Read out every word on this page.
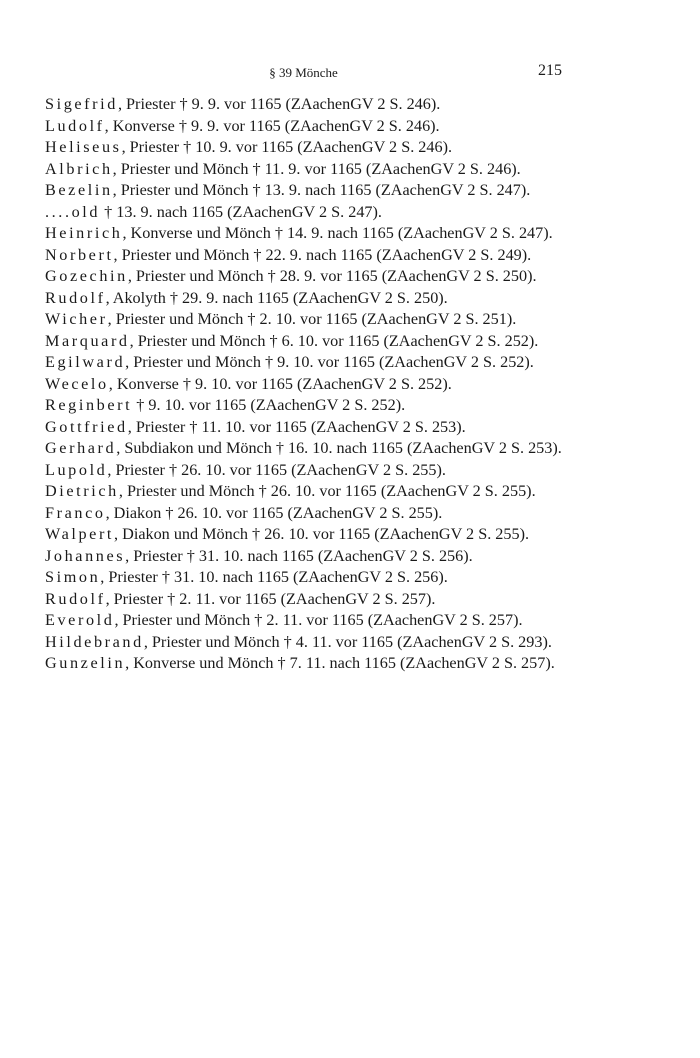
§ 39 Mönche	215
Sigefrid, Priester † 9. 9. vor 1165 (ZAachenGV 2 S. 246).
Ludolf, Konverse † 9. 9. vor 1165 (ZAachenGV 2 S. 246).
Heliseus, Priester † 10. 9. vor 1165 (ZAachenGV 2 S. 246).
Albrich, Priester und Mönch † 11. 9. vor 1165 (ZAachenGV 2 S. 246).
Bezelin, Priester und Mönch † 13. 9. nach 1165 (ZAachenGV 2 S. 247).
....old † 13. 9. nach 1165 (ZAachenGV 2 S. 247).
Heinrich, Konverse und Mönch † 14. 9. nach 1165 (ZAachenGV 2 S. 247).
Norbert, Priester und Mönch † 22. 9. nach 1165 (ZAachenGV 2 S. 249).
Gozechin, Priester und Mönch † 28. 9. vor 1165 (ZAachenGV 2 S. 250).
Rudolf, Akolyth † 29. 9. nach 1165 (ZAachenGV 2 S. 250).
Wicher, Priester und Mönch † 2. 10. vor 1165 (ZAachenGV 2 S. 251).
Marquard, Priester und Mönch † 6. 10. vor 1165 (ZAachenGV 2 S. 252).
Egilward, Priester und Mönch † 9. 10. vor 1165 (ZAachenGV 2 S. 252).
Wecelo, Konverse † 9. 10. vor 1165 (ZAachenGV 2 S. 252).
Reginbert † 9. 10. vor 1165 (ZAachenGV 2 S. 252).
Gottfried, Priester † 11. 10. vor 1165 (ZAachenGV 2 S. 253).
Gerhard, Subdiakon und Mönch † 16. 10. nach 1165 (ZAachenGV 2 S. 253).
Lupold, Priester † 26. 10. vor 1165 (ZAachenGV 2 S. 255).
Dietrich, Priester und Mönch † 26. 10. vor 1165 (ZAachenGV 2 S. 255).
Franco, Diakon † 26. 10. vor 1165 (ZAachenGV 2 S. 255).
Walpert, Diakon und Mönch † 26. 10. vor 1165 (ZAachenGV 2 S. 255).
Johannes, Priester † 31. 10. nach 1165 (ZAachenGV 2 S. 256).
Simon, Priester † 31. 10. nach 1165 (ZAachenGV 2 S. 256).
Rudolf, Priester † 2. 11. vor 1165 (ZAachenGV 2 S. 257).
Everold, Priester und Mönch † 2. 11. vor 1165 (ZAachenGV 2 S. 257).
Hildebrand, Priester und Mönch † 4. 11. vor 1165 (ZAachenGV 2 S. 293).
Gunzelin, Konverse und Mönch † 7. 11. nach 1165 (ZAachenGV 2 S. 257).
